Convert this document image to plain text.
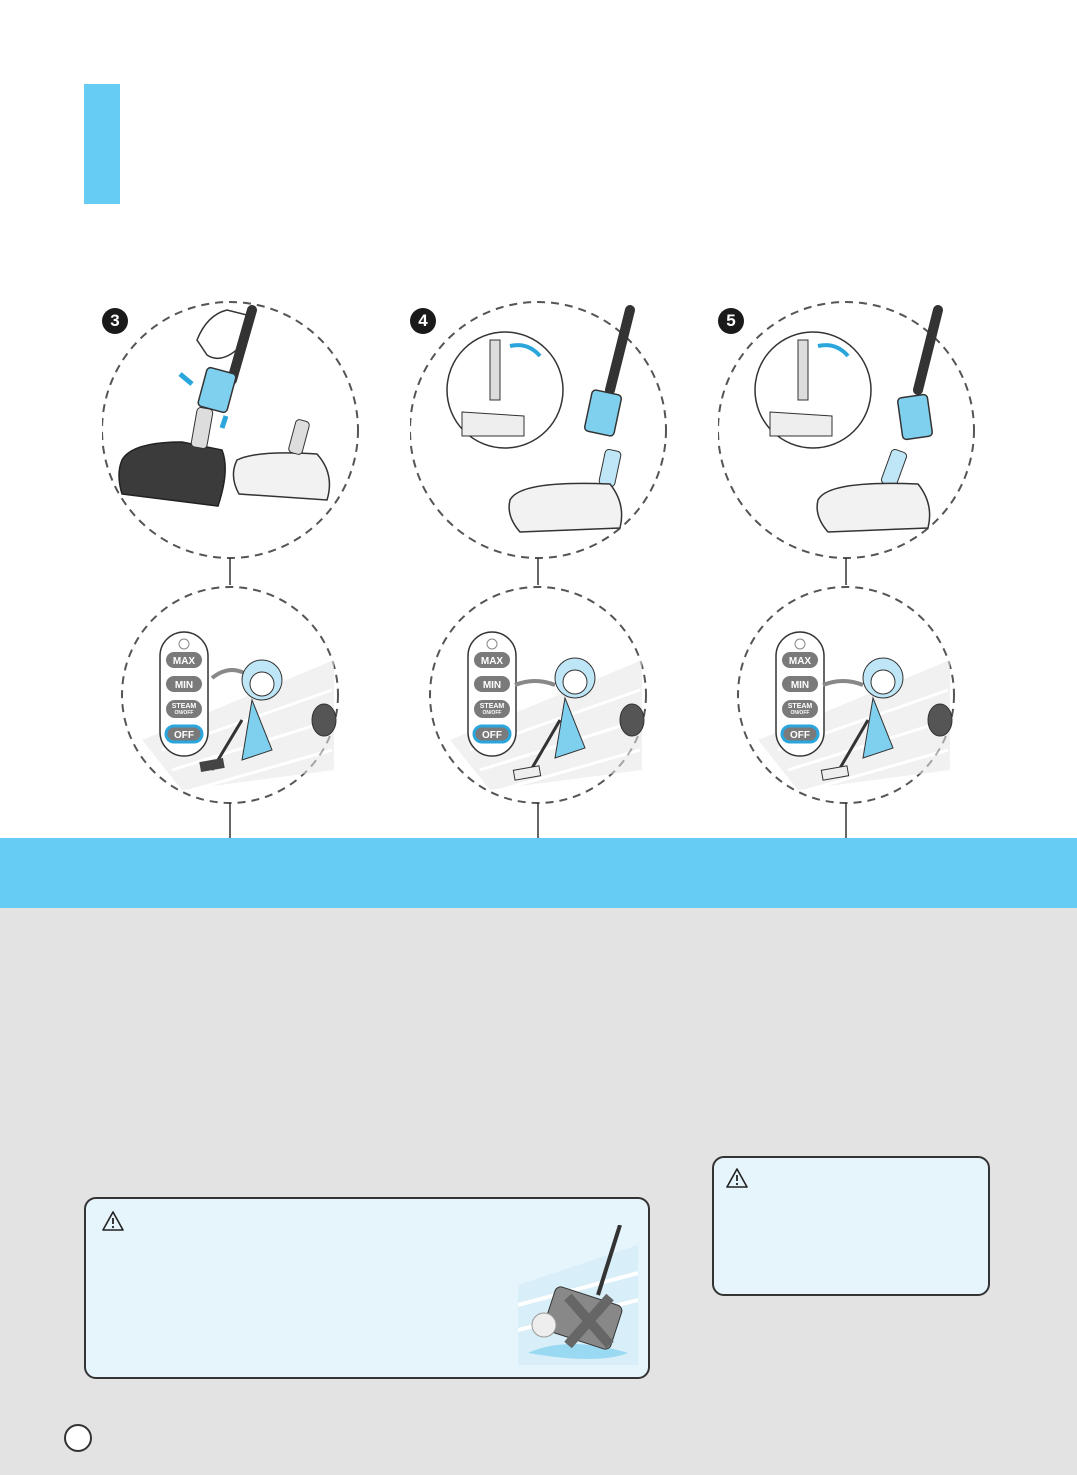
3
MAX
MIN
STEAM
ON/OFF
OFF
4
MAX
MIN
STEAM
ON/OFF
OFF
5
MAX
MIN
STEAM
ON/OFF
OFF
